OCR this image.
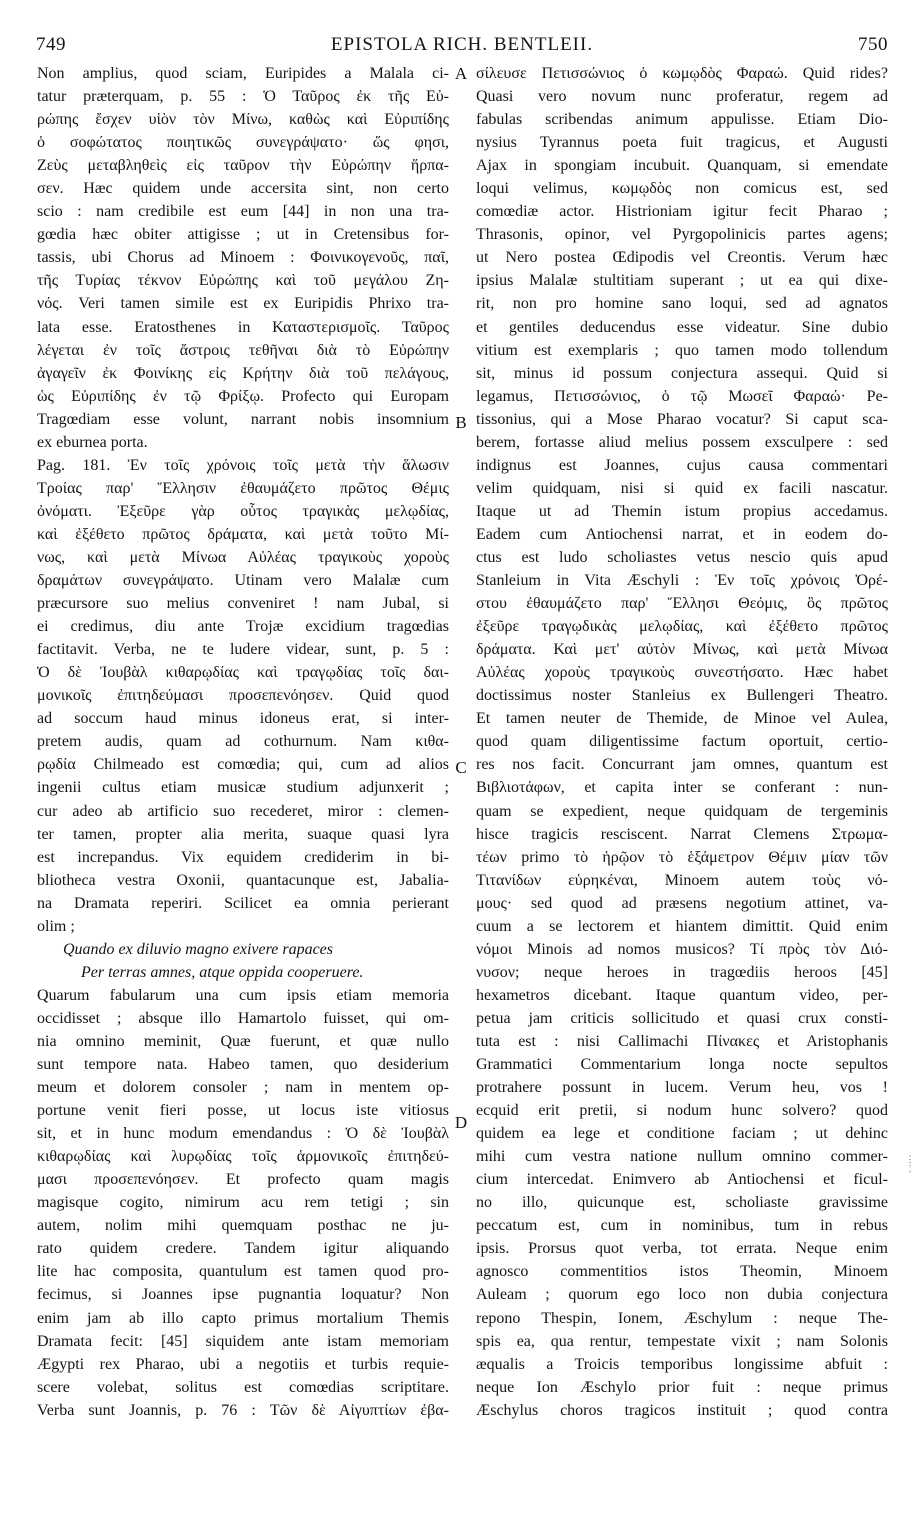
749	EPISTOLA RICH. BENTLEII.	750
Non amplius, quod sciam, Euripides a Malala ci-
tatur præterquam, p. 55 : Ὁ Ταῦρος ἐκ τῆς Εὐ-
ρώπης ἔσχεν υἱὸν τὸν Μίνω, καθὼς καὶ Εὐριπίδης
ὁ σοφώτατος ποιητικῶς συνεγράψατο· ὥς φησι,
Ζεὺς μεταβληθεὶς εἰς ταῦρον τὴν Εὐρώπην ἥρπα-
σεν. Hæc quidem unde accersita sint, non certo
scio : nam credibile est eum [44] in non una tra-
gœdia hæc obiter attigisse ; ut in Cretensibus for-
tassis, ubi Chorus ad Minoem : Φοινικογενοῦς, παῖ,
τῆς Τυρίας τέκνον Εὐρώπης καὶ τοῦ μεγάλου Ζη-
νός. Veri tamen simile est ex Euripidis Phrixo tra-
lata esse. Eratosthenes in Καταστερισμοῖς. Ταῦρος
λέγεται ἐν τοῖς ἄστροις τεθῆναι διὰ τὸ Εὐρώπην
ἀγαγεῖν ἐκ Φοινίκης εἰς Κρήτην διὰ τοῦ πελάγους,
ὡς Εὐριπίδης ἐν τῷ Φρίξῳ. Profecto qui Europam
Tragœdiam esse volunt, narrant nobis insomnium
ex eburnea porta.
Pag. 181. Ἐν τοῖς χρόνοις τοῖς μετὰ τὴν ἅλωσιν
Τροίας παρ' Ἕλλησιν ἐθαυμάζετο πρῶτος Θέμις
ὀνόματι. Ἐξεῦρε γὰρ οὗτος τραγικὰς μελῳδίας,
καὶ ἐξέθετο πρῶτος δράματα, καὶ μετὰ τοῦτο Μί-
νως, καὶ μετὰ Μίνωα Αὐλέας τραγικοὺς χοροὺς
δραμάτων συνεγράψατο. Utinam vero Malalæ cum
præcursore suo melius conveniret ! nam Jubal, si
ei credimus, diu ante Trojæ excidium tragœdias
factitavit. Verba, ne te ludere videar, sunt, p. 5 :
Ὁ δὲ Ἰουβὰλ κιθαρῳδίας καὶ τραγῳδίας τοῖς δαι-
μονικοῖς ἐπιτηδεύμασι προσεπενόησεν. Quid quod
ad soccum haud minus idoneus erat, si inter-
pretem audis, quam ad cothurnum. Nam κιθα-
ρῳδία Chilmeado est comœdia; qui, cum ad alios
ingenii cultus etiam musicæ studium adjunxerit ;
cur adeo ab artificio suo recederet, miror : clemen-
ter tamen, propter alia merita, suaque quasi lyra
est increpandus. Vix equidem crediderim in bi-
bliotheca vestra Oxonii, quantacunque est, Jabalia-
na Dramata reperiri. Scilicet ea omnia perierant
olim ;
Quando ex diluvio magno exivere rapaces
Per terras amnes, atque oppida cooperuere.
Quarum fabularum una cum ipsis etiam memoria
occidisset ; absque illo Hamartolo fuisset, qui om-
nia omnino meminit, Quæ fuerunt, et quæ nullo
sunt tempore nata. Habeo tamen, quo desiderium
meum et dolorem consoler ; nam in mentem op-
portune venit fieri posse, ut locus iste vitiosus
sit, et in hunc modum emendandus : Ὁ δὲ Ἰουβὰλ
κιθαρῳδίας καὶ λυρῳδίας τοῖς ἁρμονικοῖς ἐπιτηδεύ-
μασι προσεπενόησεν. Et profecto quam magis
magisque cogito, nimirum acu rem tetigi ; sin
autem, nolim mihi quemquam posthac ne ju-
rato quidem credere. Tandem igitur aliquando
lite hac composita, quantulum est tamen quod pro-
fecimus, si Joannes ipse pugnantia loquatur? Non
enim jam ab illo capto primus mortalium Themis
Dramata fecit: [45] siquidem ante istam memoriam
Ægypti rex Pharao, ubi a negotiis et turbis requie-
scere volebat, solitus est comœdias scriptitare.
Verba sunt Joannis, p. 76 : Τῶν δὲ Αἰγυπτίων ἐβα-
σίλευσε Πετισσώνιος ὁ κωμῳδὸς Φαραώ. Quid rides?
Quasi vero novum nunc proferatur, regem ad
fabulas scribendas animum appulisse. Etiam Dio-
nysius Tyrannus poeta fuit tragicus, et Augusti
Ajax in spongiam incubuit. Quanquam, si emendate
loqui velimus, κωμῳδὸς non comicus est, sed
comœdiæ actor. Histrioniam igitur fecit Pharao ;
Thrasonis, opinor, vel Pyrgopolinicis partes agens;
ut Nero postea Œdipodis vel Creontis. Verum hæc
ipsius Malalæ stultitiam superant ; ut ea qui dixe-
rit, non pro homine sano loqui, sed ad agnatos
et gentiles deducendus esse videatur. Sine dubio
vitium est exemplaris ; quo tamen modo tollendum
sit, minus id possum conjectura assequi. Quid si
legamus, Πετισσώνιος, ὁ τῷ Μωσεῖ Φαραώ· Pe-
tissonius, qui a Mose Pharao vocatur? Si caput sca-
berem, fortasse aliud melius possem exsculpere : sed
indignus est Joannes, cujus causa commentari
velim quidquam, nisi si quid ex facili nascatur.
Itaque ut ad Themin istum propius accedamus.
Eadem cum Antiochensi narrat, et in eodem do-
ctus est ludo scholiastes vetus nescio quis apud
Stanleium in Vita Æschyli : Ἐν τοῖς χρόνοις Ὀρέ-
στου ἐθαυμάζετο παρ' Ἕλλησι Θεόμις, ὃς πρῶτος
ἐξεῦρε τραγῳδικὰς μελῳδίας, καὶ ἐξέθετο πρῶτος
δράματα. Καὶ μετ' αὐτὸν Μίνως, καὶ μετὰ Μίνωα
Αὐλέας χοροὺς τραγικοὺς συνεστήσατο. Hæc habet
doctissimus noster Stanleius ex Bullengeri Theatro.
Et tamen neuter de Themide, de Minoe vel Aulea,
quod quam diligentissime factum oportuit, certio-
res nos facit. Concurrant jam omnes, quantum est
Βιβλιοτάφων, et capita inter se conferant : nun-
quam se expedient, neque quidquam de tergeminis
hisce tragicis resciscent. Narrat Clemens Στρωμα-
τέων primo τὸ ἡρῷον τὸ ἑξάμετρον Θέμιν μίαν τῶν
Τιτανίδων εὑρηκέναι, Minoem autem τοὺς νό-
μους· sed quod ad præsens negotium attinet, va-
cuum a se lectorem et hiantem dimittit. Quid enim
νόμοι Minois ad nomos musicos? Τί πρὸς τὸν Διό-
νυσον; neque heroes in tragœdiis heroos [45]
hexametros dicebant. Itaque quantum video, per-
petua jam criticis sollicitudo et quasi crux consti-
tuta est : nisi Callimachi Πίνακες et Aristophanis
Grammatici Commentarium longa nocte sepultos
protrahere possunt in lucem. Verum heu, vos !
ecquid erit pretii, si nodum hunc solvero? quod
quidem ea lege et conditione faciam ; ut dehinc
mihi cum vestra natione nullum omnino commer-
cium intercedat. Enimvero ab Antiochensi et ficul-
no illo, quicunque est, scholiaste gravissime
peccatum est, cum in nominibus, tum in rebus
ipsis. Prorsus quot verba, tot errata. Neque enim
agnosco commentitios istos Theomin, Minoem
Auleam ; quorum ego loco non dubia conjectura
repono Thespin, Ionem, Æschylum : neque The-
spis ea, qua rentur, tempestate vixit ; nam Solonis
æqualis a Troicis temporibus longissime abfuit :
neque Ion Æschylo prior fuit : neque primus
Æschylus choros tragicos instituit ; quod contra
A
B
C
D
⋮ ¦
